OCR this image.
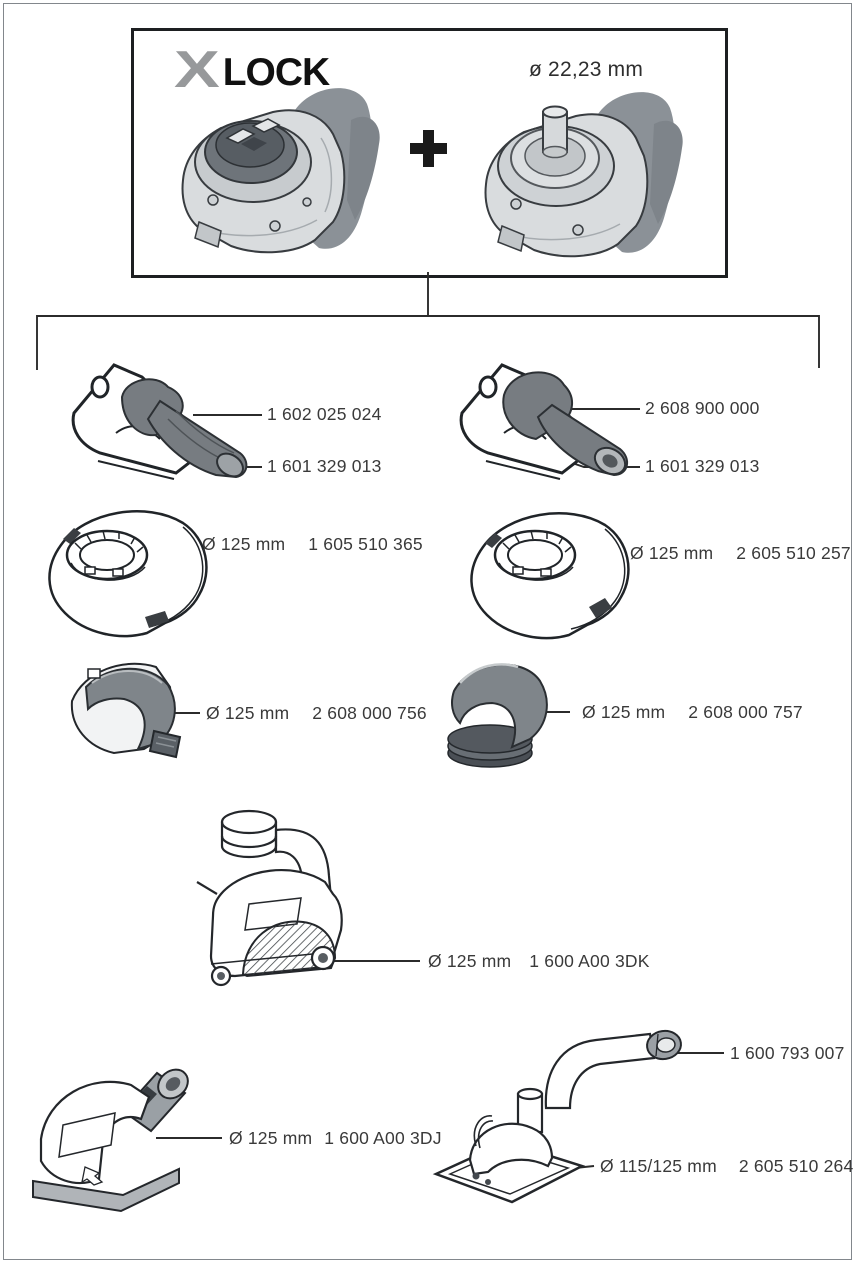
X LOCK	ø 22,23 mm
1 602 025 024
1 601 329 013
2 608 900 000
1 601 329 013
Ø 125 mm 1 605 510 365	Ø 125 mm 2 605 510 257
Ø 125 mm 2 608 000 756	Ø 125 mm 2 608 000 757
Ø 125 mm 1 600 A00 3DK
Ø 125 mm 1 600 A00 3DJ
1 600 793 007
Ø 115/125 mm 2 605 510 264
